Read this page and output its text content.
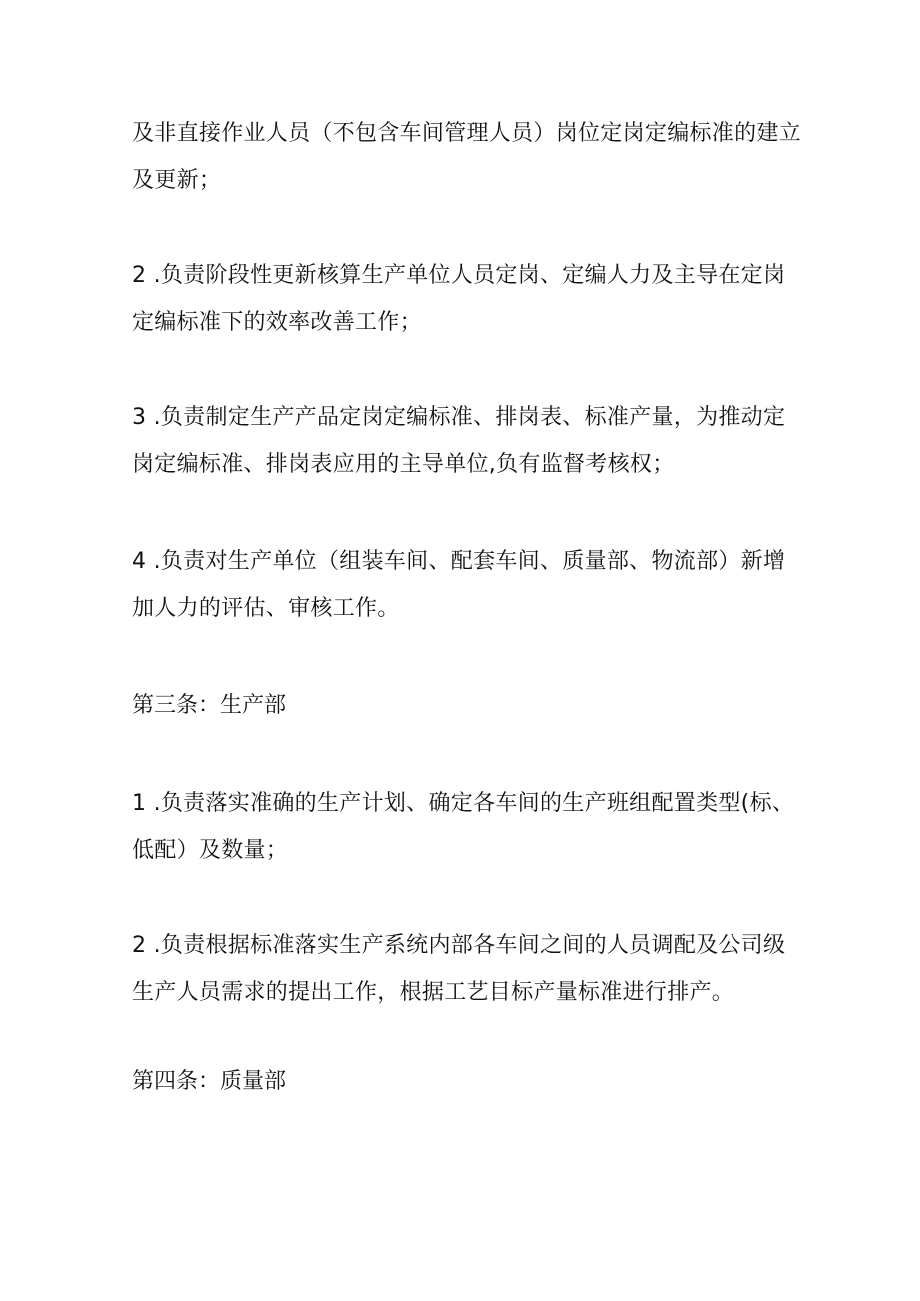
及非直接作业人员（不包含车间管理人员）岗位定岗定编标准的建立及更新；

2 .负责阶段性更新核算生产单位人员定岗、定编人力及主导在定岗定编标准下的效率改善工作；

3 .负责制定生产产品定岗定编标准、排岗表、标准产量，为推动定岗定编标准、排岗表应用的主导单位,负有监督考核权；

4 .负责对生产单位（组装车间、配套车间、质量部、物流部）新增加人力的评估、审核工作。

第三条：生产部

1 .负责落实准确的生产计划、确定各车间的生产班组配置类型(标、低配）及数量；

2 .负责根据标准落实生产系统内部各车间之间的人员调配及公司级生产人员需求的提出工作，根据工艺目标产量标准进行排产。

第四条：质量部
